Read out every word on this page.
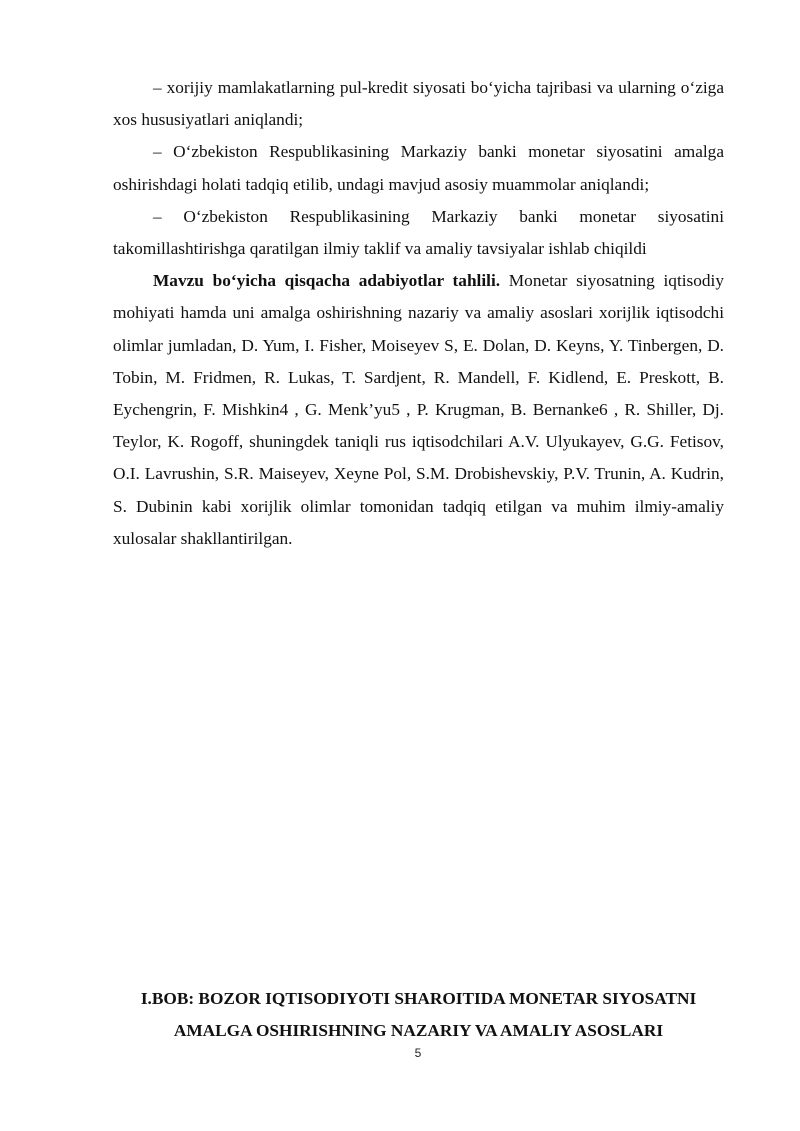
– xorijiy mamlakatlarning pul-kredit siyosati bo‘yicha tajribasi va ularning o‘ziga xos hususiyatlari aniqlandi;

– O‘zbekiston Respublikasining Markaziy banki monetar siyosatini amalga oshirishdagi holati tadqiq etilib, undagi mavjud asosiy muammolar aniqlandi;

– O‘zbekiston Respublikasining Markaziy banki monetar siyosatini takomillashtirishga qaratilgan ilmiy taklif va amaliy tavsiyalar ishlab chiqildi

Mavzu bo‘yicha qisqacha adabiyotlar tahlili. Monetar siyosatning iqtisodiy mohiyati hamda uni amalga oshirishning nazariy va amaliy asoslari xorijlik iqtisodchi olimlar jumladan, D. Yum, I. Fisher, Moiseyev S, E. Dolan, D. Keyns, Y. Tinbergen, D. Tobin, M. Fridmen, R. Lukas, T. Sardjent, R. Mandell, F. Kidlend, E. Preskott, B. Eychengrin, F. Mishkin4 , G. Menk’yu5 , P. Krugman, B. Bernanke6 , R. Shiller, Dj. Teylor, K. Rogoff, shuningdek taniqli rus iqtisodchilari A.V. Ulyukayev, G.G. Fetisov, O.I. Lavrushin, S.R. Maiseyev, Xeyne Pol, S.M. Drobishevskiy, P.V. Trunin, A. Kudrin, S. Dubinin kabi xorijlik olimlar tomonidan tadqiq etilgan va muhim ilmiy-amaliy xulosalar shakllantirilgan.

I.BOB: BOZOR IQTISODIYOTI SHAROITIDA MONETAR SIYOSATNI
AMALGA OSHIRISHNING NAZARIY VA AMALIY ASOSLARI
5
